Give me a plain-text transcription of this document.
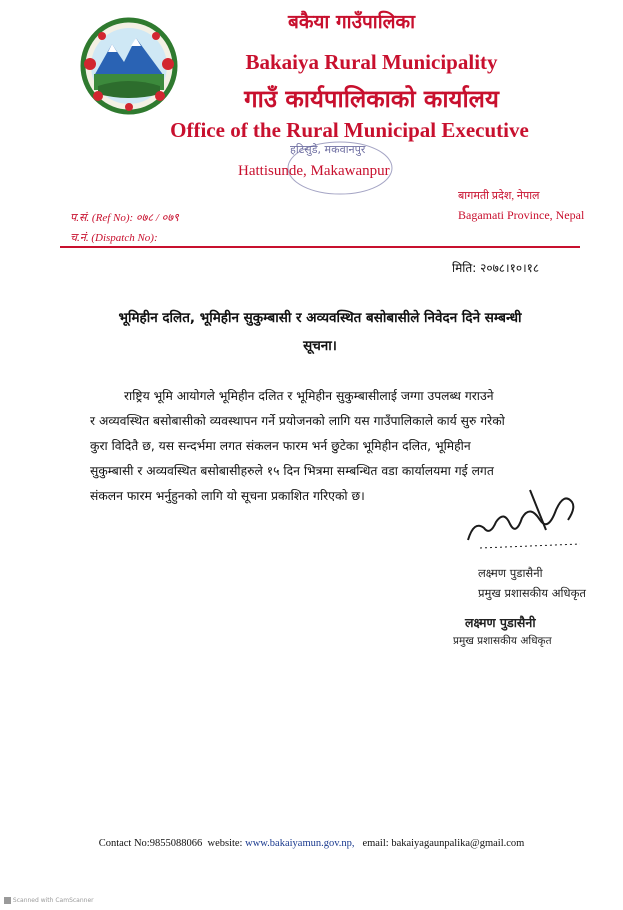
बकैया गाउँपालिका
Bakaiya Rural Municipality
गाउँ कार्यपालिकाको कार्यालय
Office of the Rural Municipal Executive
हटिसुडे, मकवानपुर
Hattisunde, Makawanpur
प.सं. (Ref No): ०७८ / ०७९
च.नं. (Dispatch No):
बागमती प्रदेश, नेपाल
Bagamati Province, Nepal
मिति: २०७८।१०।१८
भूमिहीन दलित, भूमिहीन सुकुम्बासी र अव्यवस्थित बसोबासीले निवेदन दिने सम्बन्धी
सूचना।
राष्ट्रिय भूमि आयोगले भूमिहीन दलित र भूमिहीन सुकुम्बासीलाई जग्गा उपलब्ध गराउने
र अव्यवस्थित बसोबासीको व्यवस्थापन गर्ने प्रयोजनको लागि यस गाउँपालिकाले कार्य सुरु गरेको
कुरा विदितै छ, यस सन्दर्भमा लगत संकलन फारम भर्न छुटेका भूमिहीन दलित, भूमिहीन
सुकुम्बासी र अव्यवस्थित बसोबासीहरुले १५ दिन भित्रमा सम्बन्धित वडा कार्यालयमा गई लगत
संकलन फारम भर्नुहुनको लागि यो सूचना प्रकाशित गरिएको छ।
लक्ष्मण पुडासैनी
प्रमुख प्रशासकीय अधिकृत
लक्ष्मण पुडासैनी
प्रमुख प्रशासकीय अधिकृत
Contact No:9855088066 website: www.bakaiyamun.gov.np, email: bakaiyagaunpalika@gmail.com
Scanned with CamScanner
